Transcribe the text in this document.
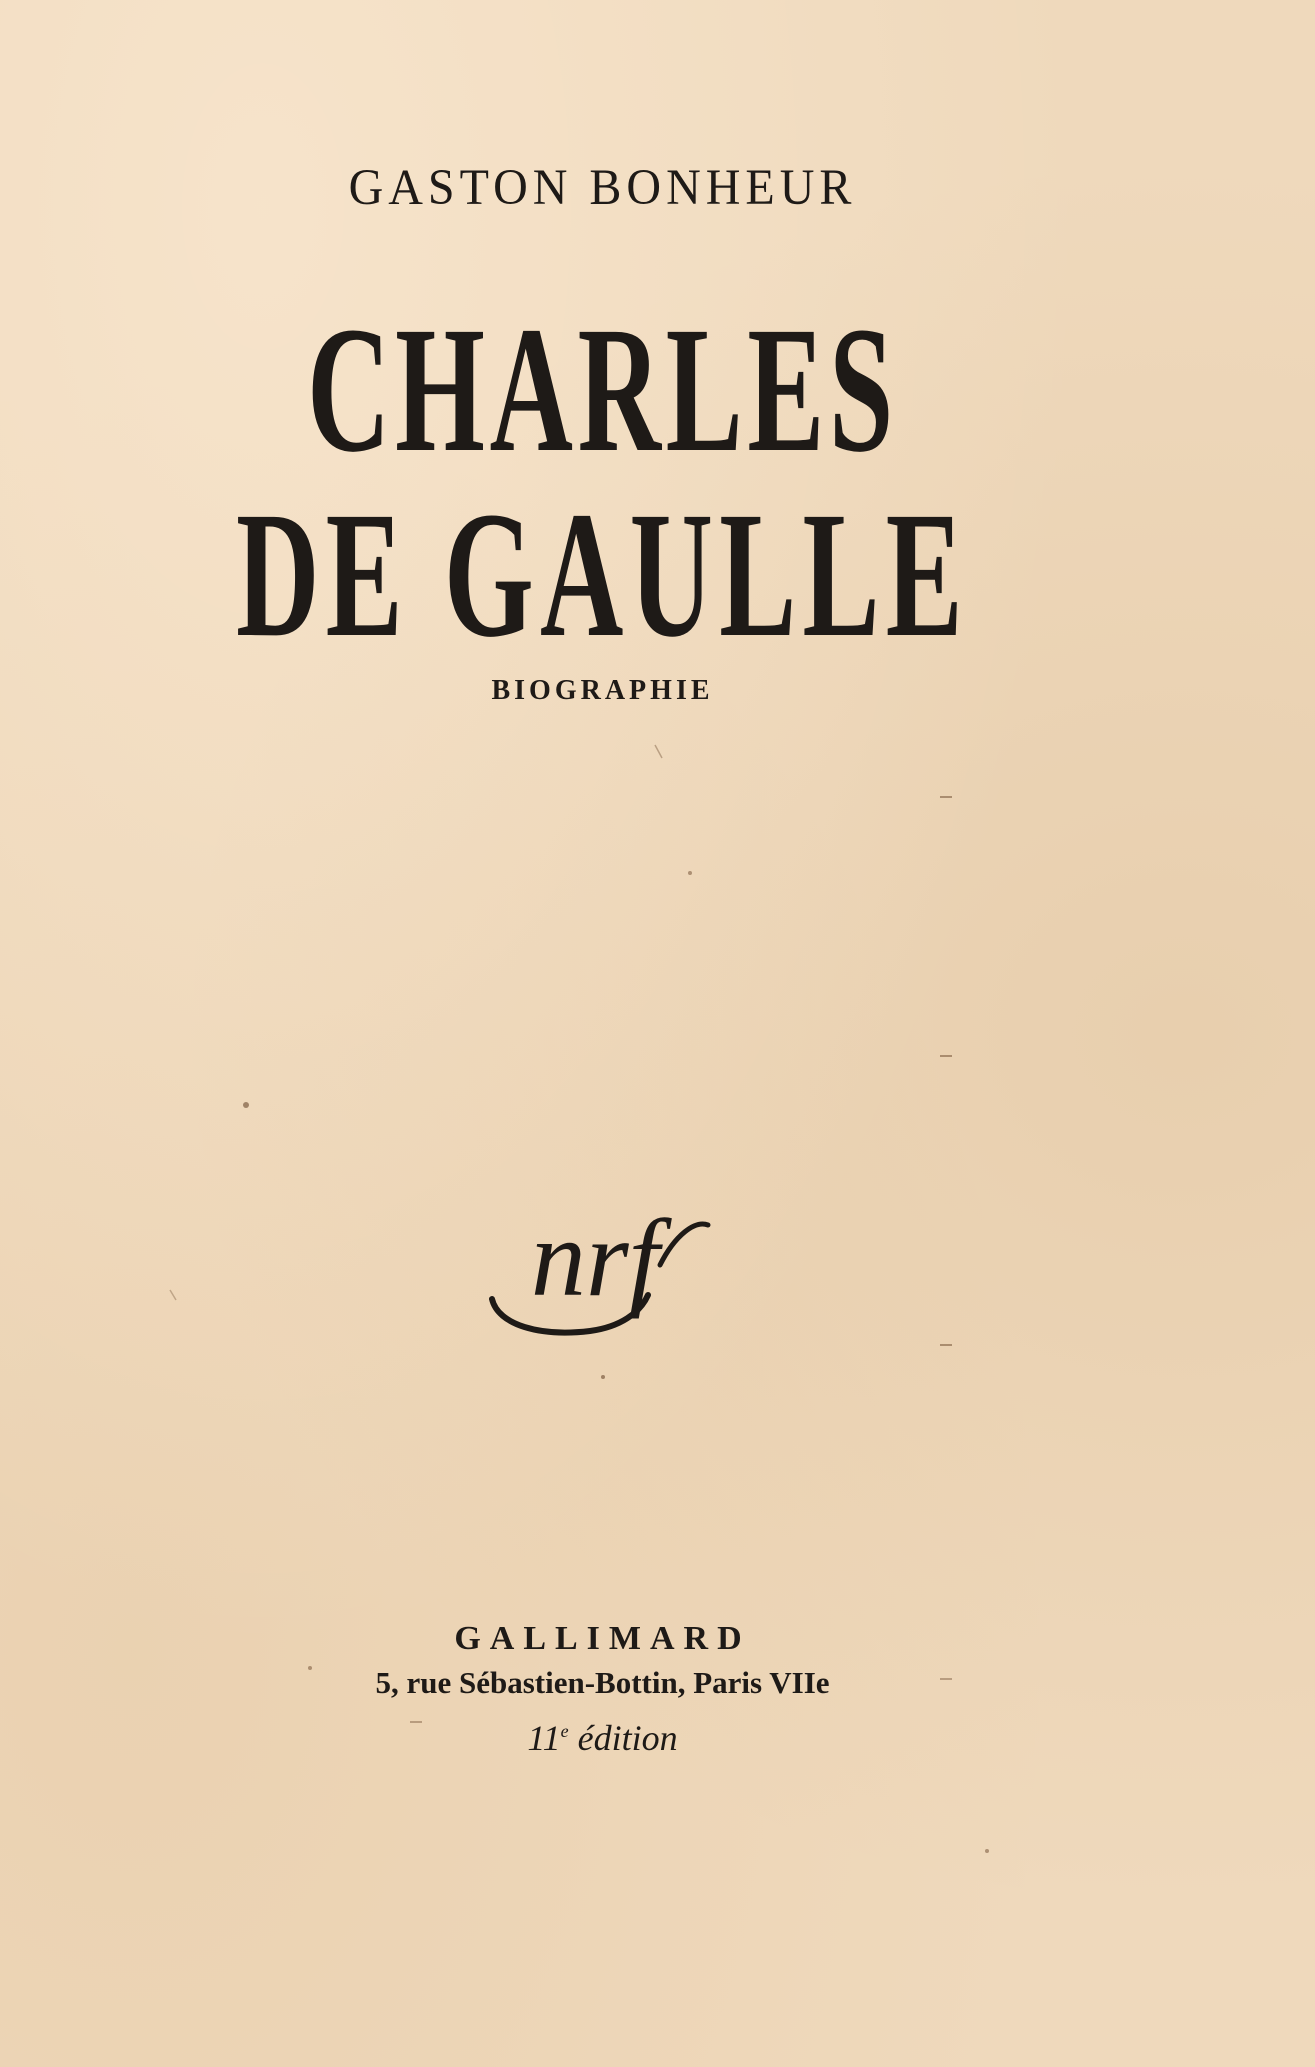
GASTON BONHEUR
CHARLES
DE GAULLE
BIOGRAPHIE
nrf
GALLIMARD
5, rue Sébastien-Bottin, Paris VIIe
11e édition
